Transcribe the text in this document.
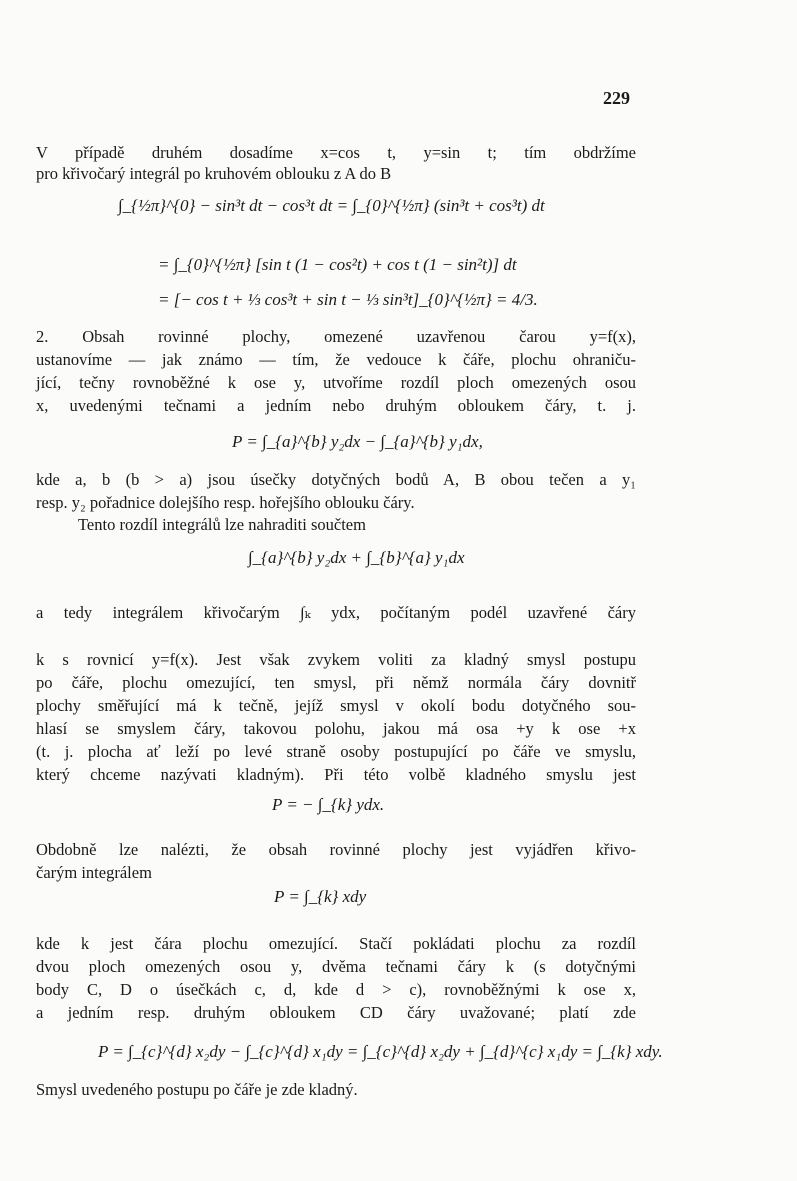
229
V případě druhém dosadíme x=cos t, y=sin t; tím obdržíme
pro křivočarý integrál po kruhovém oblouku z A do B
∫_{½π}^{0} − sin³t dt − cos³t dt = ∫_{0}^{½π} (sin³t + cos³t) dt
= ∫_{0}^{½π} [sin t (1 − cos²t) + cos t (1 − sin²t)] dt
= [− cos t + ⅓ cos³t + sin t − ⅓ sin³t]_{0}^{½π} = 4/3.
2. Obsah rovinné plochy, omezené uzavřenou čarou y=f(x),
ustanovíme — jak známo — tím, že vedouce k čáře, plochu ohraniču-
jící, tečny rovnoběžné k ose y, utvoříme rozdíl ploch omezených osou
x, uvedenými tečnami a jedním nebo druhým obloukem čáry, t. j.
P = ∫_{a}^{b} y₂dx − ∫_{a}^{b} y₁dx,
kde a, b (b > a) jsou úsečky dotyčných bodů A, B obou tečen a y₁
resp. y₂ pořadnice dolejšího resp. hořejšího oblouku čáry.
Tento rozdíl integrálů lze nahraditi součtem
∫_{a}^{b} y₂dx + ∫_{b}^{a} y₁dx
a tedy integrálem křivočarým ∫ₖ ydx, počítaným podél uzavřené čáry
k s rovnicí y=f(x). Jest však zvykem voliti za kladný smysl postupu
po čáře, plochu omezující, ten smysl, při němž normála čáry dovnitř
plochy směřující má k tečně, jejíž smysl v okolí bodu dotyčného sou-
hlasí se smyslem čáry, takovou polohu, jakou má osa +y k ose +x
(t. j. plocha ať leží po levé straně osoby postupující po čáře ve smyslu,
který chceme nazývati kladným). Při této volbě kladného smyslu jest
P = − ∫_{k} ydx.
Obdobně lze nalézti, že obsah rovinné plochy jest vyjádřen křivo-
čarým integrálem
P = ∫_{k} xdy
kde k jest čára plochu omezující. Stačí pokládati plochu za rozdíl
dvou ploch omezených osou y, dvěma tečnami čáry k (s dotyčnými
body C, D o úsečkách c, d, kde d > c), rovnoběžnými k ose x,
a jedním resp. druhým obloukem CD čáry uvažované; platí zde
P = ∫_{c}^{d} x₂dy − ∫_{c}^{d} x₁dy = ∫_{c}^{d} x₂dy + ∫_{d}^{c} x₁dy = ∫_{k} xdy.
Smysl uvedeného postupu po čáře je zde kladný.
